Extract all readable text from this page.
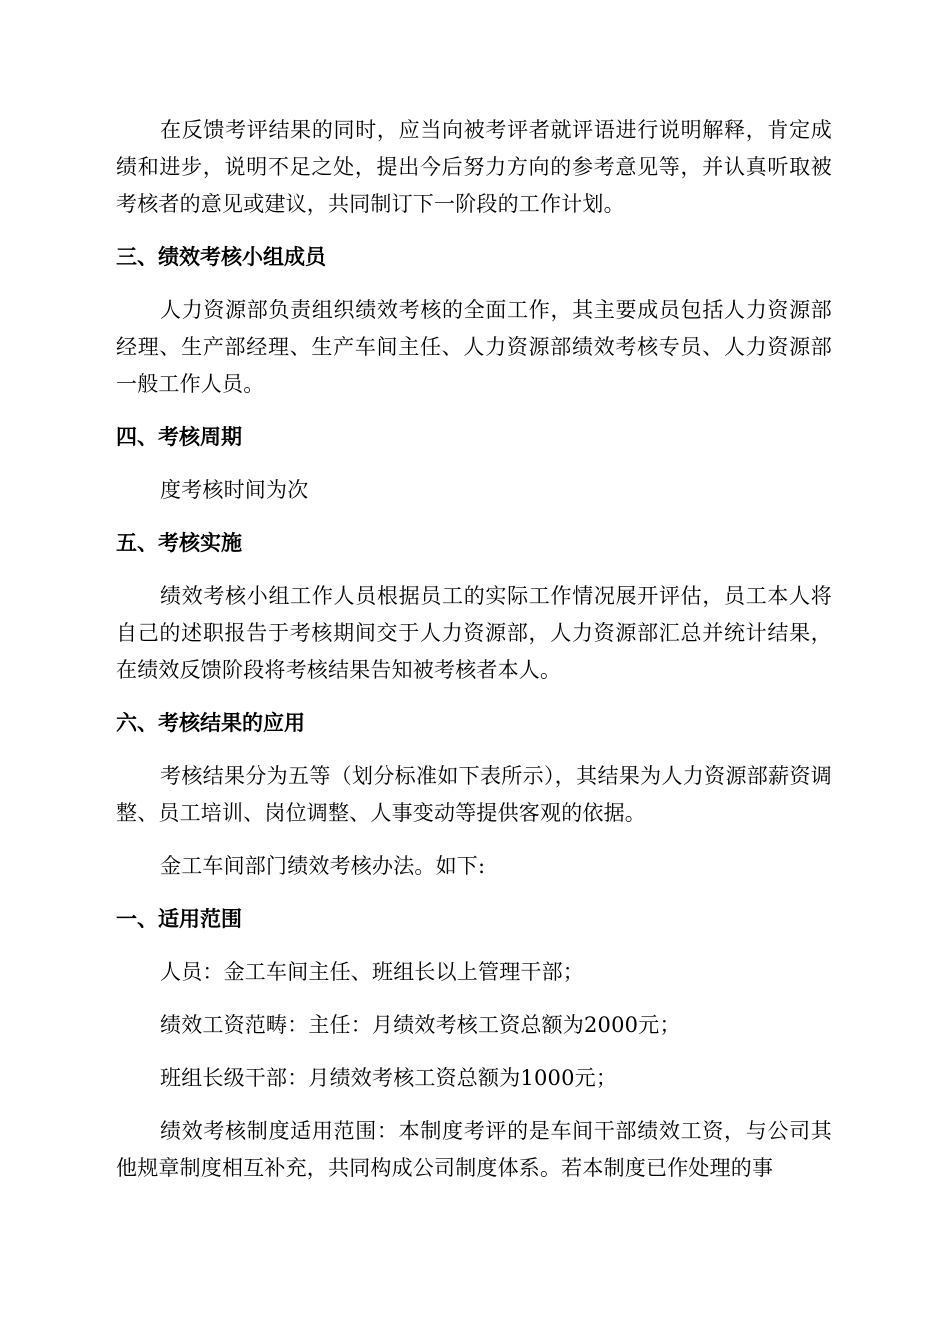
在反馈考评结果的同时，应当向被考评者就评语进行说明解释，肯定成绩和进步，说明不足之处，提出今后努力方向的参考意见等，并认真听取被考核者的意见或建议，共同制订下一阶段的工作计划。

三、绩效考核小组成员

人力资源部负责组织绩效考核的全面工作，其主要成员包括人力资源部经理、生产部经理、生产车间主任、人力资源部绩效考核专员、人力资源部一般工作人员。

四、考核周期

度考核时间为次

五、考核实施

绩效考核小组工作人员根据员工的实际工作情况展开评估，员工本人将自己的述职报告于考核期间交于人力资源部，人力资源部汇总并统计结果，在绩效反馈阶段将考核结果告知被考核者本人。

六、考核结果的应用

考核结果分为五等（划分标准如下表所示），其结果为人力资源部薪资调整、员工培训、岗位调整、人事变动等提供客观的依据。

金工车间部门绩效考核办法。如下:

一、适用范围

人员：金工车间主任、班组长以上管理干部；

绩效工资范畴：主任：月绩效考核工资总额为2000元；

班组长级干部：月绩效考核工资总额为1000元；

绩效考核制度适用范围：本制度考评的是车间干部绩效工资，与公司其他规章制度相互补充，共同构成公司制度体系。若本制度已作处理的事
